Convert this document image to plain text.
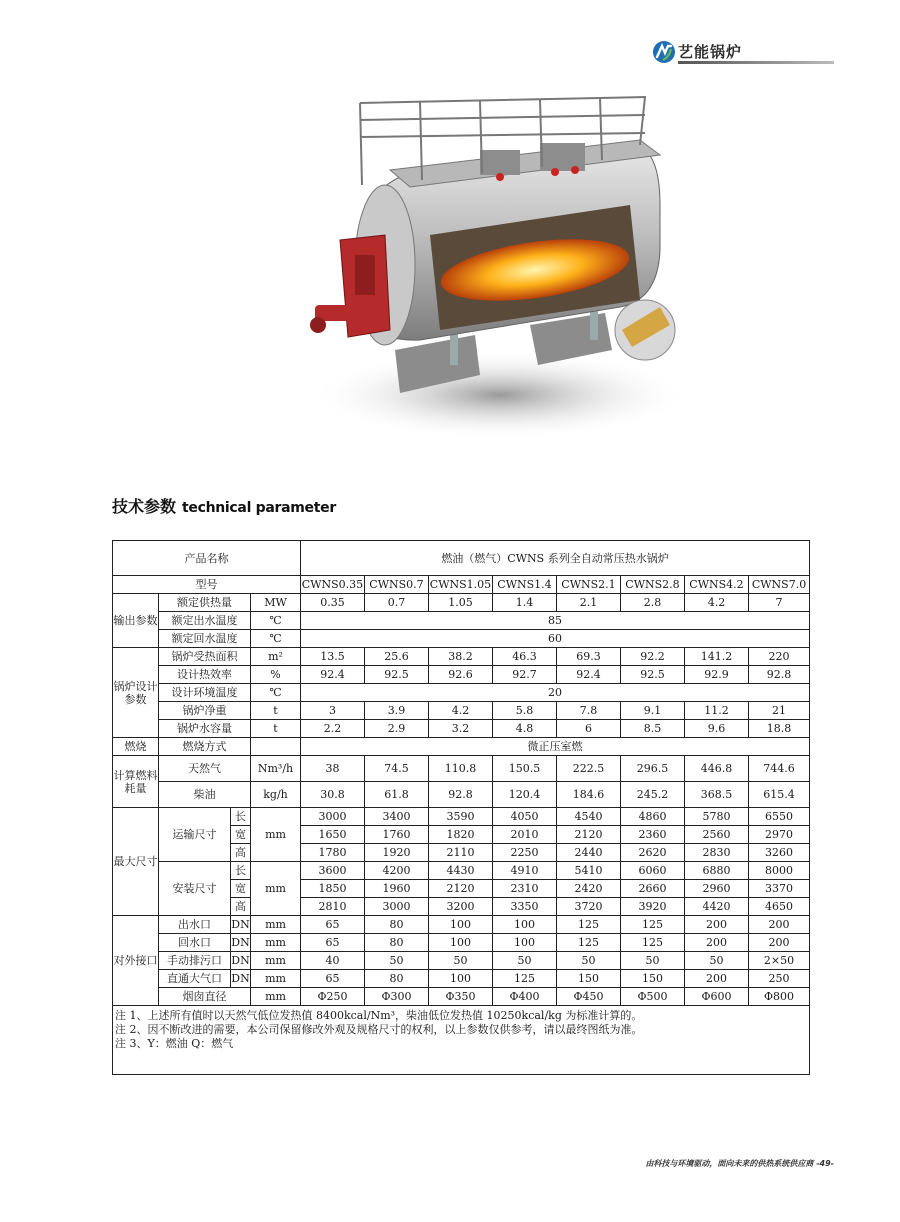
艺能锅炉
技术参数 technical parameter
产品名称				燃油（燃气）CWNS 系列全自动常压热水锅炉							
型号				CWNS0.35	CWNS0.7	CWNS1.05	CWNS1.4	CWNS2.1	CWNS2.8	CWNS4.2	CWNS7.0
输出参数	额定供热量		MW	0.35	0.7	1.05	1.4	2.1	2.8	4.2	7
	额定出水温度		℃	85							
	额定回水温度		℃	60							
锅炉设计参数	锅炉受热面积		m²	13.5	25.6	38.2	46.3	69.3	92.2	141.2	220
	设计热效率		%	92.4	92.5	92.6	92.7	92.4	92.5	92.9	92.8
	设计环境温度		℃	20							
	锅炉净重		t	3	3.9	4.2	5.8	7.8	9.1	11.2	21
	锅炉水容量		t	2.2	2.9	3.2	4.8	6	8.5	9.6	18.8
燃烧	燃烧方式			微正压室燃							
计算燃料耗量	天然气		Nm³/h	38	74.5	110.8	150.5	222.5	296.5	446.8	744.6
	柴油		kg/h	30.8	61.8	92.8	120.4	184.6	245.2	368.5	615.4
最大尺寸	运输尺寸	长	mm	3000	3400	3590	4050	4540	4860	5780	6550
		宽		1650	1760	1820	2010	2120	2360	2560	2970
		高		1780	1920	2110	2250	2440	2620	2830	3260
	安装尺寸	长	mm	3600	4200	4430	4910	5410	6060	6880	8000
		宽		1850	1960	2120	2310	2420	2660	2960	3370
		高		2810	3000	3200	3350	3720	3920	4420	4650
对外接口	出水口	DN	mm	65	80	100	100	125	125	200	200
	回水口	DN	mm	65	80	100	100	125	125	200	200
	手动排污口	DN	mm	40	50	50	50	50	50	50	2×50
	直通大气口	DN	mm	65	80	100	125	150	150	200	250
	烟囱直径		mm	Φ250	Φ300	Φ350	Φ400	Φ450	Φ500	Φ600	Φ800

注 1、上述所有值时以天然气低位发热值 8400kcal/Nm³，柴油低位发热值 10250kcal/kg 为标准计算的。
注 2、因不断改进的需要，本公司保留修改外观及规格尺寸的权利，以上参数仅供参考，请以最终图纸为准。
注 3、Y：燃油 Q：燃气											
由科技与环境驱动，面向未来的供热系统供应商 -49-
